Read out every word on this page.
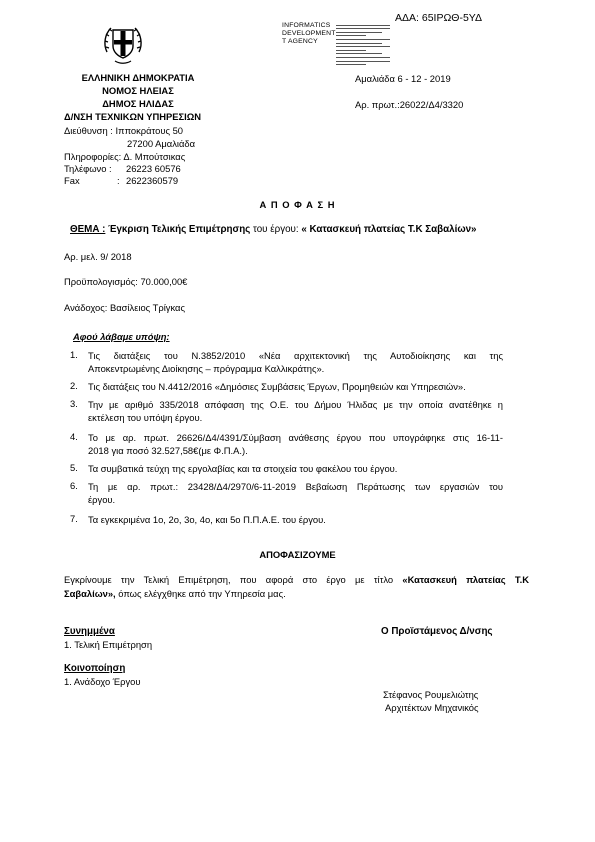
ΑΔΑ: 65ΙΡΩΘ-5ΥΔ
INFORMATICS
DEVELOPMENT
T AGENCY
ΕΛΛΗΝΙΚΗ ΔΗΜΟΚΡΑΤΙΑ
ΝΟΜΟΣ ΗΛΕΙΑΣ
ΔΗΜΟΣ ΗΛΙΔΑΣ
Δ/ΝΣΗ ΤΕΧΝΙΚΩΝ ΥΠΗΡΕΣΙΩΝ
Αμαλιάδα 6 - 12 - 2019
Αρ. πρωτ.:26022/Δ4/3320
Διεύθυνση : Ιπποκράτους 50
27200 Αμαλιάδα
Πληροφορίες: Δ. Μπούτσικας
Τηλέφωνο : 26223 60576
Fax	: 2622360579
Α Π Ο Φ Α Σ Η
ΘΕΜΑ : Έγκριση Τελικής Επιμέτρησης του έργου: « Κατασκευή πλατείας Τ.Κ Σαβαλίων»
Αρ. μελ. 9/ 2018
Προϋπολογισμός: 70.000,00€
Ανάδοχος: Βασίλειος Τρίγκας
Αφού λάβαμε υπόψη:
1. Τις διατάξεις του Ν.3852/2010 «Νέα αρχιτεκτονική της Αυτοδιοίκησης και της
Αποκεντρωμένης Διοίκησης – πρόγραμμα Καλλικράτης».
2. Τις διατάξεις του Ν.4412/2016 «Δημόσιες Συμβάσεις Έργων, Προμηθειών και Υπηρεσιών».
3. Την με αριθμό 335/2018 απόφαση της Ο.Ε. του Δήμου Ήλιδας με την οποία ανατέθηκε η
εκτέλεση του υπόψη έργου.
4. Το με αρ. πρωτ. 26626/Δ4/4391/Σύμβαση ανάθεσης έργου που υπογράφηκε στις 16-11-
2018 για ποσό 32.527,58€(με Φ.Π.Α.).
5. Τα συμβατικά τεύχη της εργολαβίας και τα στοιχεία του φακέλου του έργου.
6. Τη με αρ. πρωτ.: 23428/Δ4/2970/6-11-2019 Βεβαίωση Περάτωσης των εργασιών του
έργου.
7. Τα εγκεκριμένα 1ο, 2ο, 3ο, 4ο, και 5ο Π.Π.Α.Ε. του έργου.
ΑΠΟΦΑΣΙΖΟΥΜΕ
Εγκρίνουμε την Τελική Επιμέτρηση, που αφορά στο έργο με τίτλο «Κατασκευή πλατείας Τ.Κ
Σαβαλίων», όπως ελέγχθηκε από την Υπηρεσία μας.
Συνημμένα
1. Τελική Επιμέτρηση
Κοινοποίηση
1. Ανάδοχο Έργου
Ο Προϊστάμενος Δ/νσης
Στέφανος Ρουμελιώτης
Αρχιτέκτων Μηχανικός
